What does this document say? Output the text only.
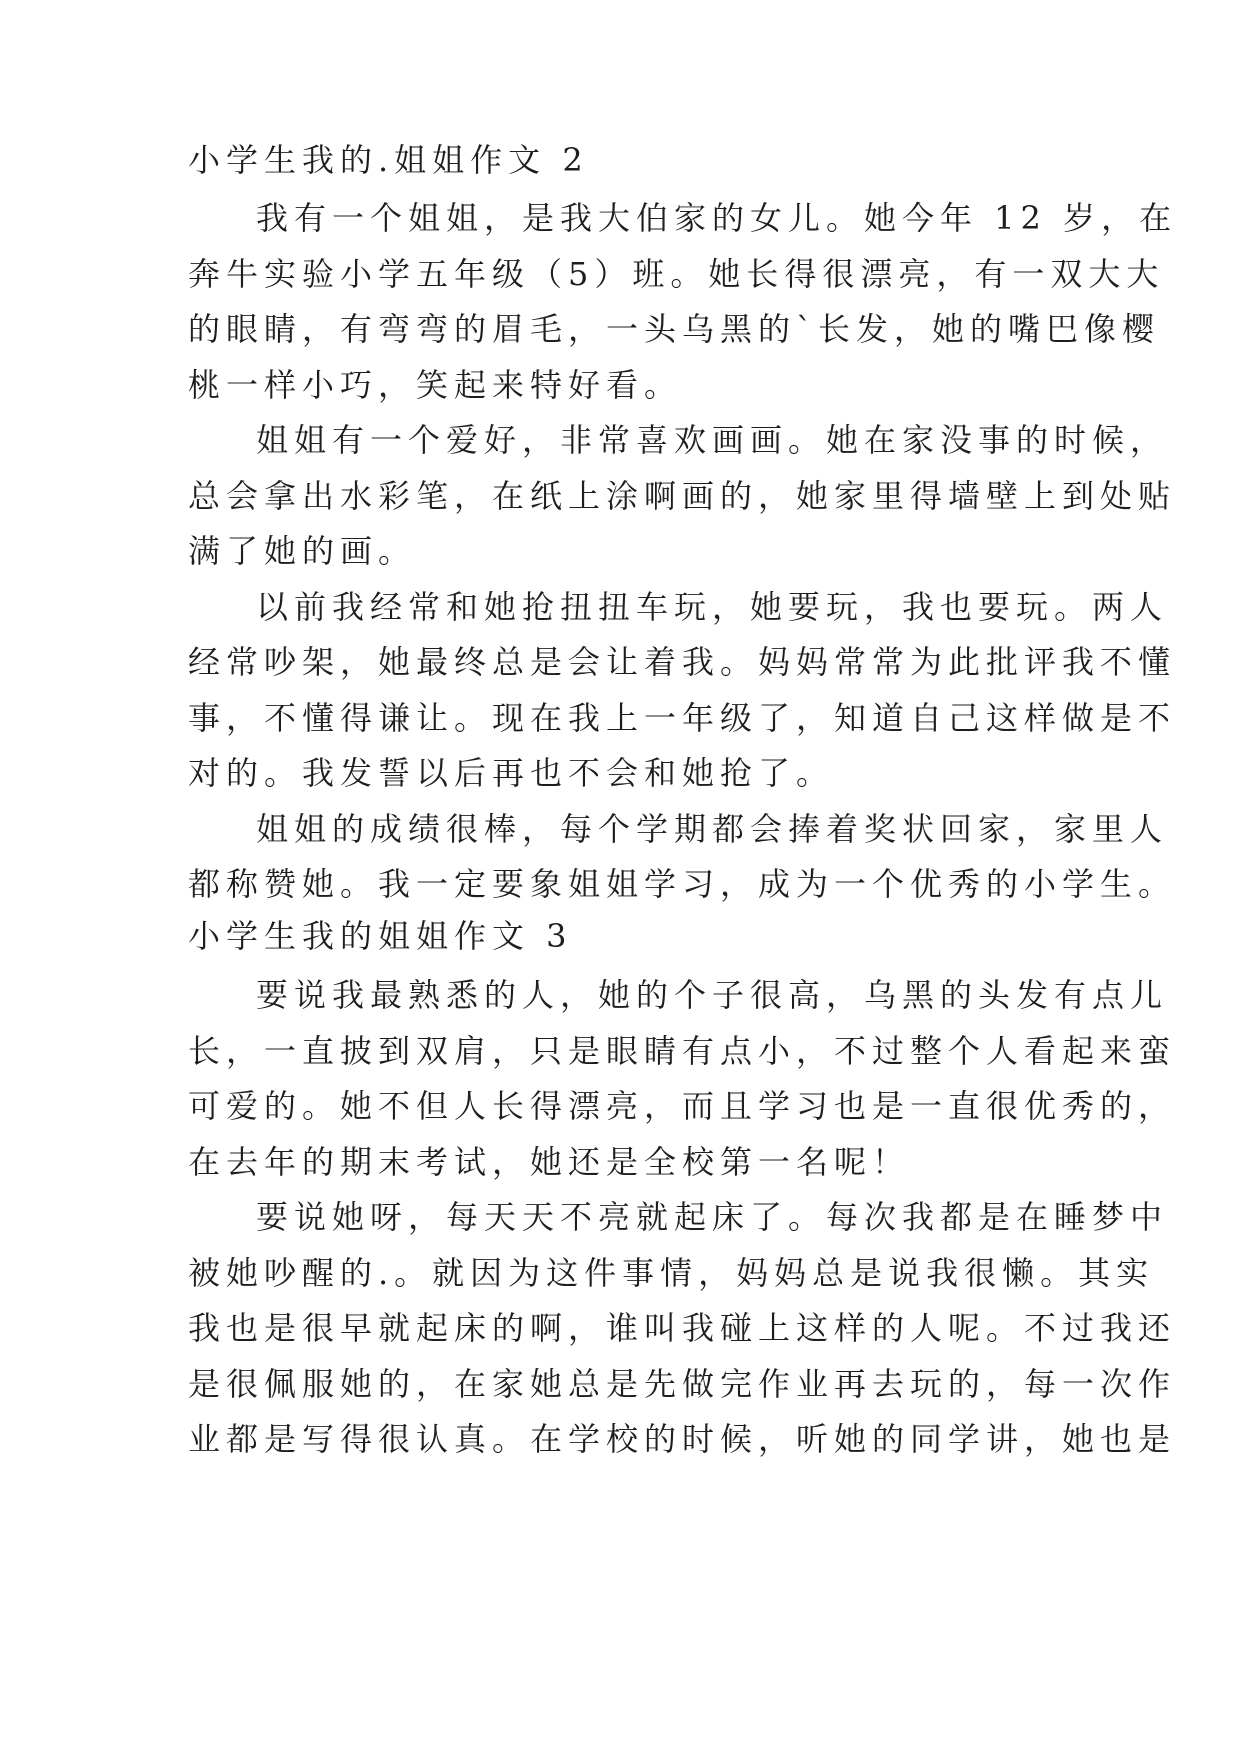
小学生我的.姐姐作文 2
我有一个姐姐，是我大伯家的女儿。她今年 12 岁，在
奔牛实验小学五年级（5）班。她长得很漂亮，有一双大大
的眼睛，有弯弯的眉毛，一头乌黑的`长发，她的嘴巴像樱
桃一样小巧，笑起来特好看。
姐姐有一个爱好，非常喜欢画画。她在家没事的时候，
总会拿出水彩笔，在纸上涂啊画的，她家里得墙壁上到处贴
满了她的画。
以前我经常和她抢扭扭车玩，她要玩，我也要玩。两人
经常吵架，她最终总是会让着我。妈妈常常为此批评我不懂
事，不懂得谦让。现在我上一年级了，知道自己这样做是不
对的。我发誓以后再也不会和她抢了。
姐姐的成绩很棒，每个学期都会捧着奖状回家，家里人
都称赞她。我一定要象姐姐学习，成为一个优秀的小学生。
小学生我的姐姐作文 3
要说我最熟悉的人，她的个子很高，乌黑的头发有点儿
长，一直披到双肩，只是眼睛有点小，不过整个人看起来蛮
可爱的。她不但人长得漂亮，而且学习也是一直很优秀的，
在去年的期末考试，她还是全校第一名呢！
要说她呀，每天天不亮就起床了。每次我都是在睡梦中
被她吵醒的.。就因为这件事情，妈妈总是说我很懒。其实
我也是很早就起床的啊，谁叫我碰上这样的人呢。不过我还
是很佩服她的，在家她总是先做完作业再去玩的，每一次作
业都是写得很认真。在学校的时候，听她的同学讲，她也是
